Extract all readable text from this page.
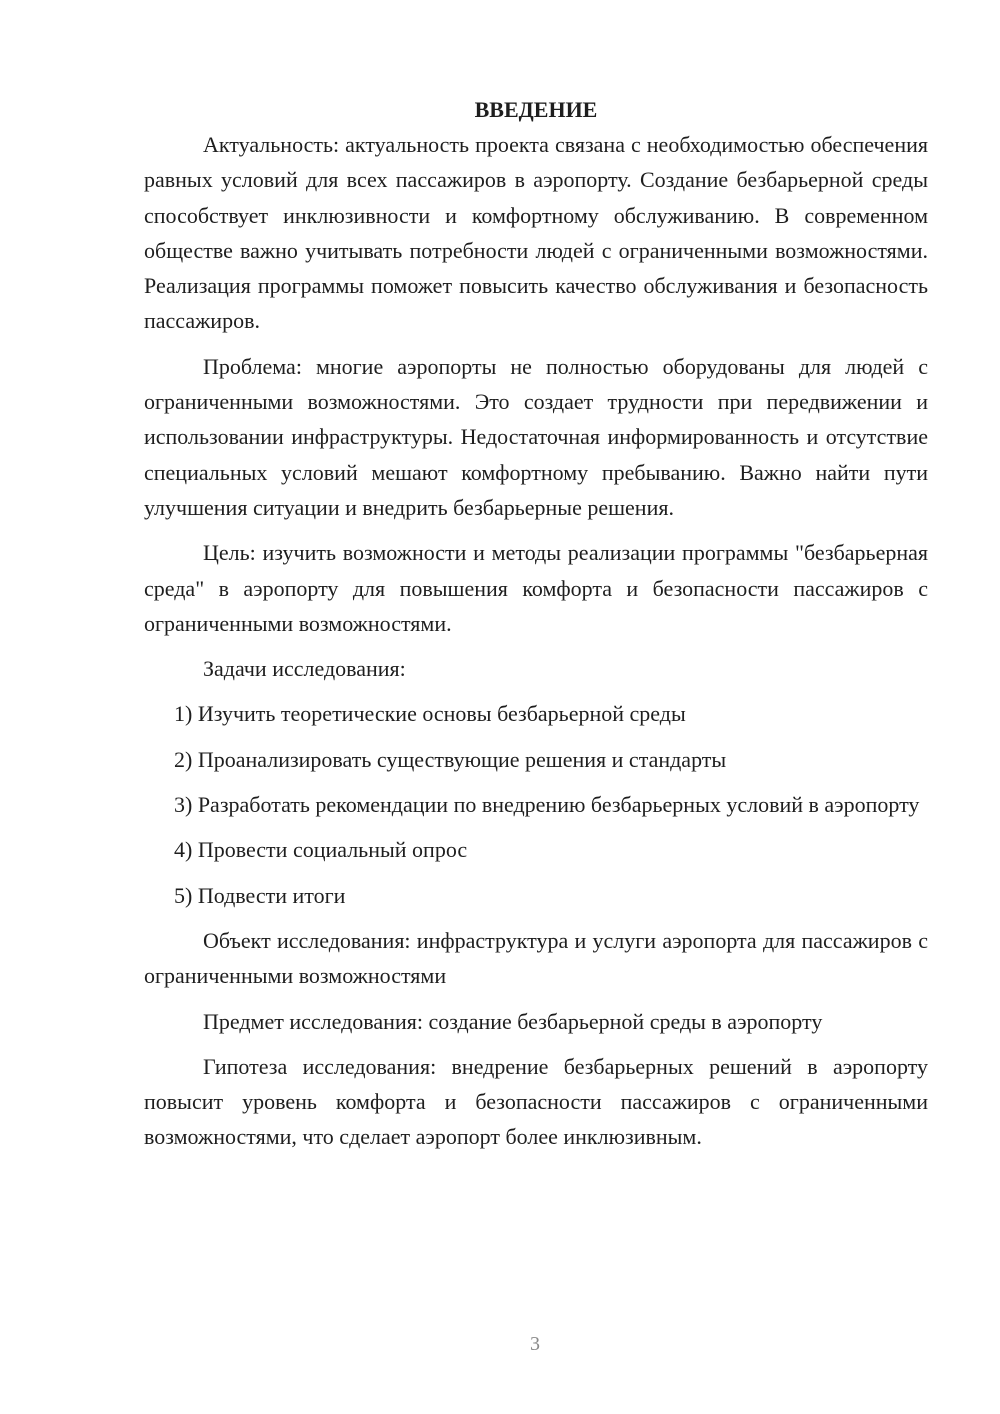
ВВЕДЕНИЕ

Актуальность: актуальность проекта связана с необходимостью обеспечения равных условий для всех пассажиров в аэропорту. Создание безбарьерной среды способствует инклюзивности и комфортному обслуживанию. В современном обществе важно учитывать потребности людей с ограниченными возможностями. Реализация программы поможет повысить качество обслуживания и безопасность пассажиров.

Проблема: многие аэропорты не полностью оборудованы для людей с ограниченными возможностями. Это создает трудности при передвижении и использовании инфраструктуры. Недостаточная информированность и отсутствие специальных условий мешают комфортному пребыванию. Важно найти пути улучшения ситуации и внедрить безбарьерные решения.

Цель: изучить возможности и методы реализации программы "безбарьерная среда" в аэропорту для повышения комфорта и безопасности пассажиров с ограниченными возможностями.

Задачи исследования:

1) Изучить теоретические основы безбарьерной среды

2) Проанализировать существующие решения и стандарты

3) Разработать рекомендации по внедрению безбарьерных условий в аэропорту

4) Провести социальный опрос

5) Подвести итоги

Объект исследования: инфраструктура и услуги аэропорта для пассажиров с ограниченными возможностями

Предмет исследования: создание безбарьерной среды в аэропорту

Гипотеза исследования: внедрение безбарьерных решений в аэропорту повысит уровень комфорта и безопасности пассажиров с ограниченными возможностями, что сделает аэропорт более инклюзивным.

3
